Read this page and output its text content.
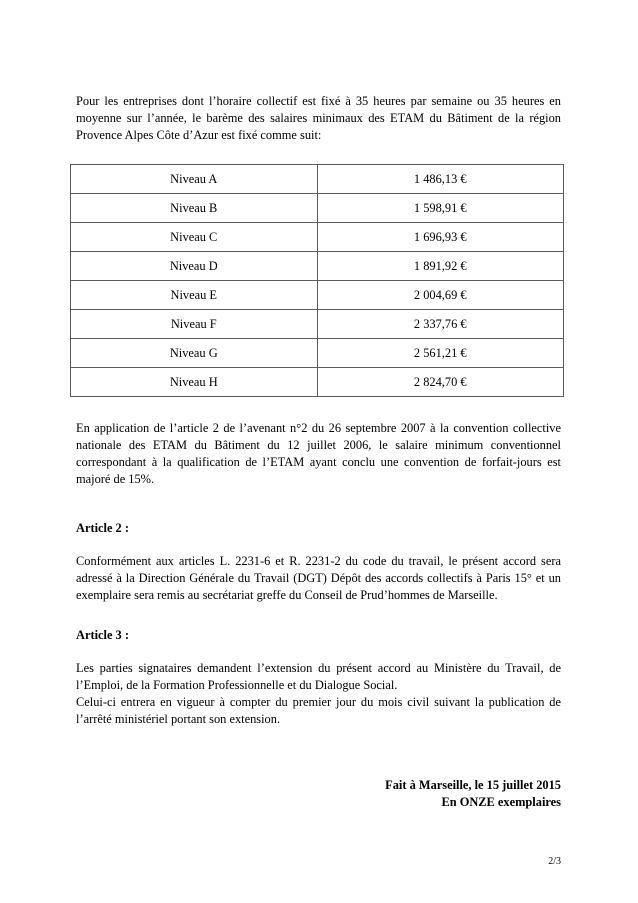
Pour les entreprises dont l’horaire collectif est fixé à 35 heures par semaine ou 35 heures en moyenne sur l’année, le barème des salaires minimaux des ETAM du Bâtiment de la région Provence Alpes Côte d’Azur est fixé comme suit:

Niveau A	1 486,13 €
Niveau B	1 598,91 €
Niveau C	1 696,93 €
Niveau D	1 891,92 €
Niveau E	2 004,69 €
Niveau F	2 337,76 €
Niveau G	2 561,21 €
Niveau H	2 824,70 €

En application de l’article 2 de l’avenant n°2 du 26 septembre 2007 à la convention collective nationale des ETAM du Bâtiment du 12 juillet 2006, le salaire minimum conventionnel correspondant à la qualification de l’ETAM ayant conclu une convention de forfait-jours est majoré de 15%.

Article 2 :

Conformément aux articles L. 2231-6 et R. 2231-2 du code du travail, le présent accord sera adressé à la Direction Générale du Travail (DGT) Dépôt des accords collectifs à Paris 15° et un exemplaire sera remis au secrétariat greffe du Conseil de Prud’hommes de Marseille.

Article 3 :

Les parties signataires demandent l’extension du présent accord au Ministère du Travail, de l’Emploi, de la Formation Professionnelle et du Dialogue Social.

Celui-ci entrera en vigueur à compter du premier jour du mois civil suivant la publication de l’arrêté ministériel portant son extension.

Fait à Marseille, le 15 juillet 2015
En ONZE exemplaires
2/3
